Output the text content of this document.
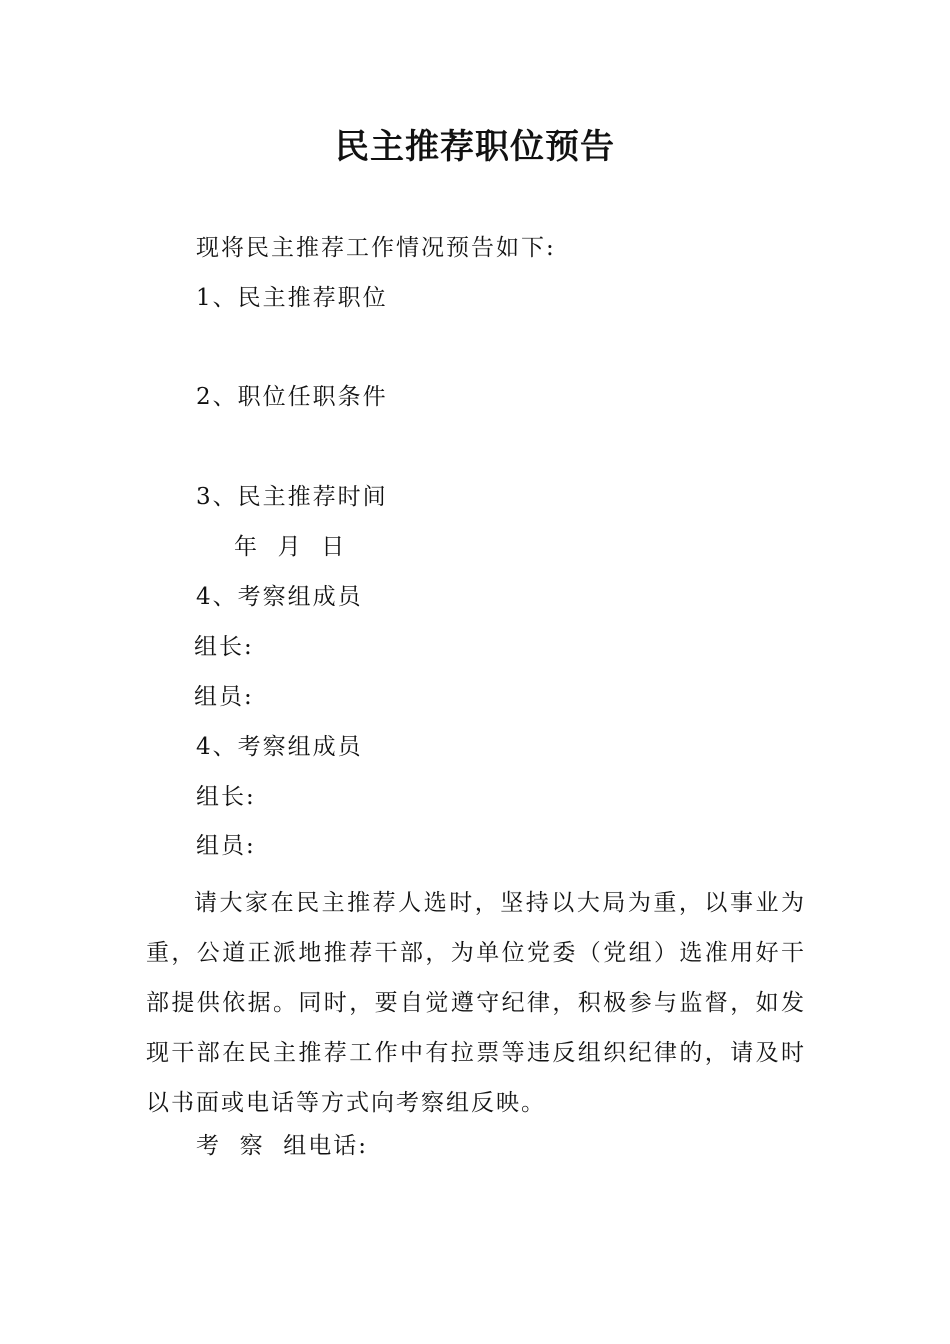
民主推荐职位预告
现将民主推荐工作情况预告如下:
1、民主推荐职位
2、职位任职条件
3、民主推荐时间
年  月  日
4、考察组成员
组长:
组员:
4、考察组成员
组长:
组员:
请大家在民主推荐人选时，坚持以大局为重，以事业为重，公道正派地推荐干部，为单位党委（党组）选准用好干部提供依据。同时，要自觉遵守纪律，积极参与监督，如发现干部在民主推荐工作中有拉票等违反组织纪律的，请及时以书面或电话等方式向考察组反映。
考  察  组电话:
